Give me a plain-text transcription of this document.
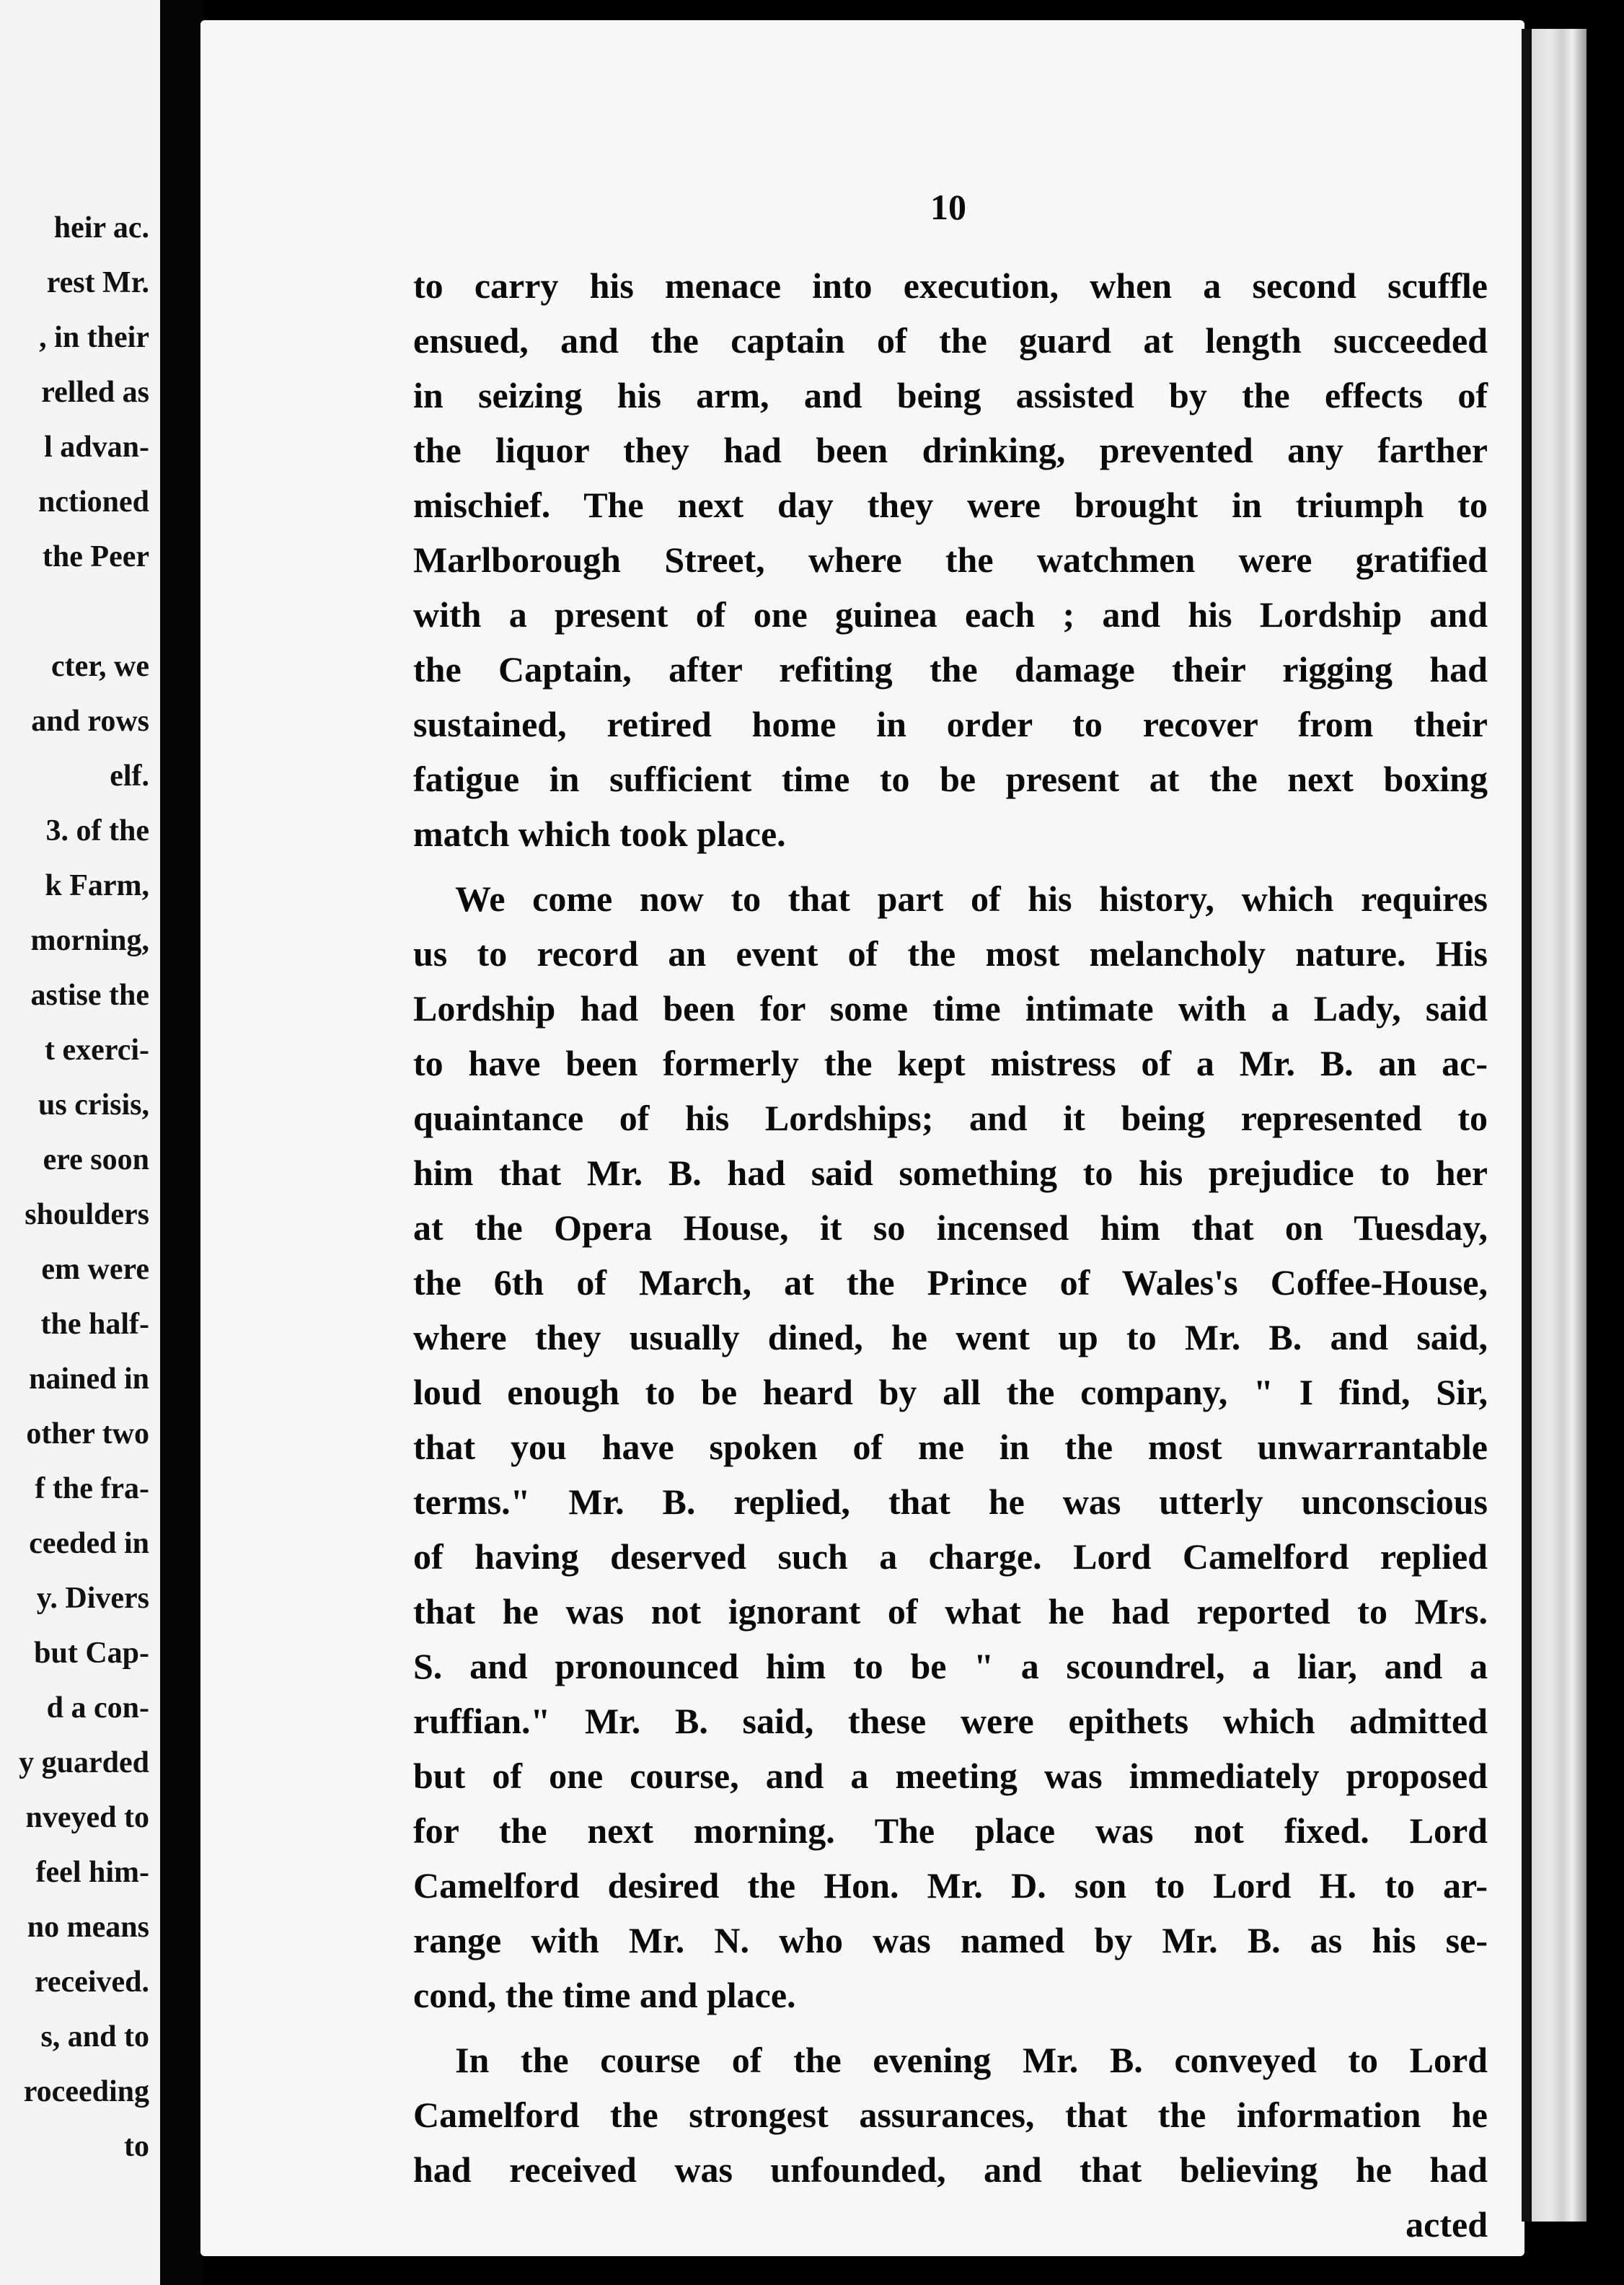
heir ac.
rest Mr.
, in their
relled as
l advan-
nctioned
the Peer
cter, we
and rows
elf.
3. of the
k Farm,
morning,
astise the
t exerci-
us crisis,
ere soon
shoulders
em were
the half-
nained in
other two
f the fra-
ceeded in
y. Divers
but Cap-
d a con-
y guarded
nveyed to
feel him-
no means
received.
s, and to
roceeding
to
10
to carry his menace into execution, when a second scuffle
ensued, and the captain of the guard at length succeeded
in seizing his arm, and being assisted by the effects of
the liquor they had been drinking, prevented any farther
mischief. The next day they were brought in triumph to
Marlborough Street, where the watchmen were gratified
with a present of one guinea each ; and his Lordship and
the Captain, after refiting the damage their rigging had
sustained, retired home in order to recover from their
fatigue in sufficient time to be present at the next boxing
match which took place.
We come now to that part of his history, which requires
us to record an event of the most melancholy nature. His
Lordship had been for some time intimate with a Lady, said
to have been formerly the kept mistress of a Mr. B. an ac-
quaintance of his Lordships; and it being represented to
him that Mr. B. had said something to his prejudice to her
at the Opera House, it so incensed him that on Tuesday,
the 6th of March, at the Prince of Wales's Coffee-House,
where they usually dined, he went up to Mr. B. and said,
loud enough to be heard by all the company, " I find, Sir,
that you have spoken of me in the most unwarrantable
terms." Mr. B. replied, that he was utterly unconscious
of having deserved such a charge. Lord Camelford replied
that he was not ignorant of what he had reported to Mrs.
S. and pronounced him to be " a scoundrel, a liar, and a
ruffian." Mr. B. said, these were epithets which admitted
but of one course, and a meeting was immediately proposed
for the next morning. The place was not fixed. Lord
Camelford desired the Hon. Mr. D. son to Lord H. to ar-
range with Mr. N. who was named by Mr. B. as his se-
cond, the time and place.
In the course of the evening Mr. B. conveyed to Lord
Camelford the strongest assurances, that the information he
had received was unfounded, and that believing he had
acted
